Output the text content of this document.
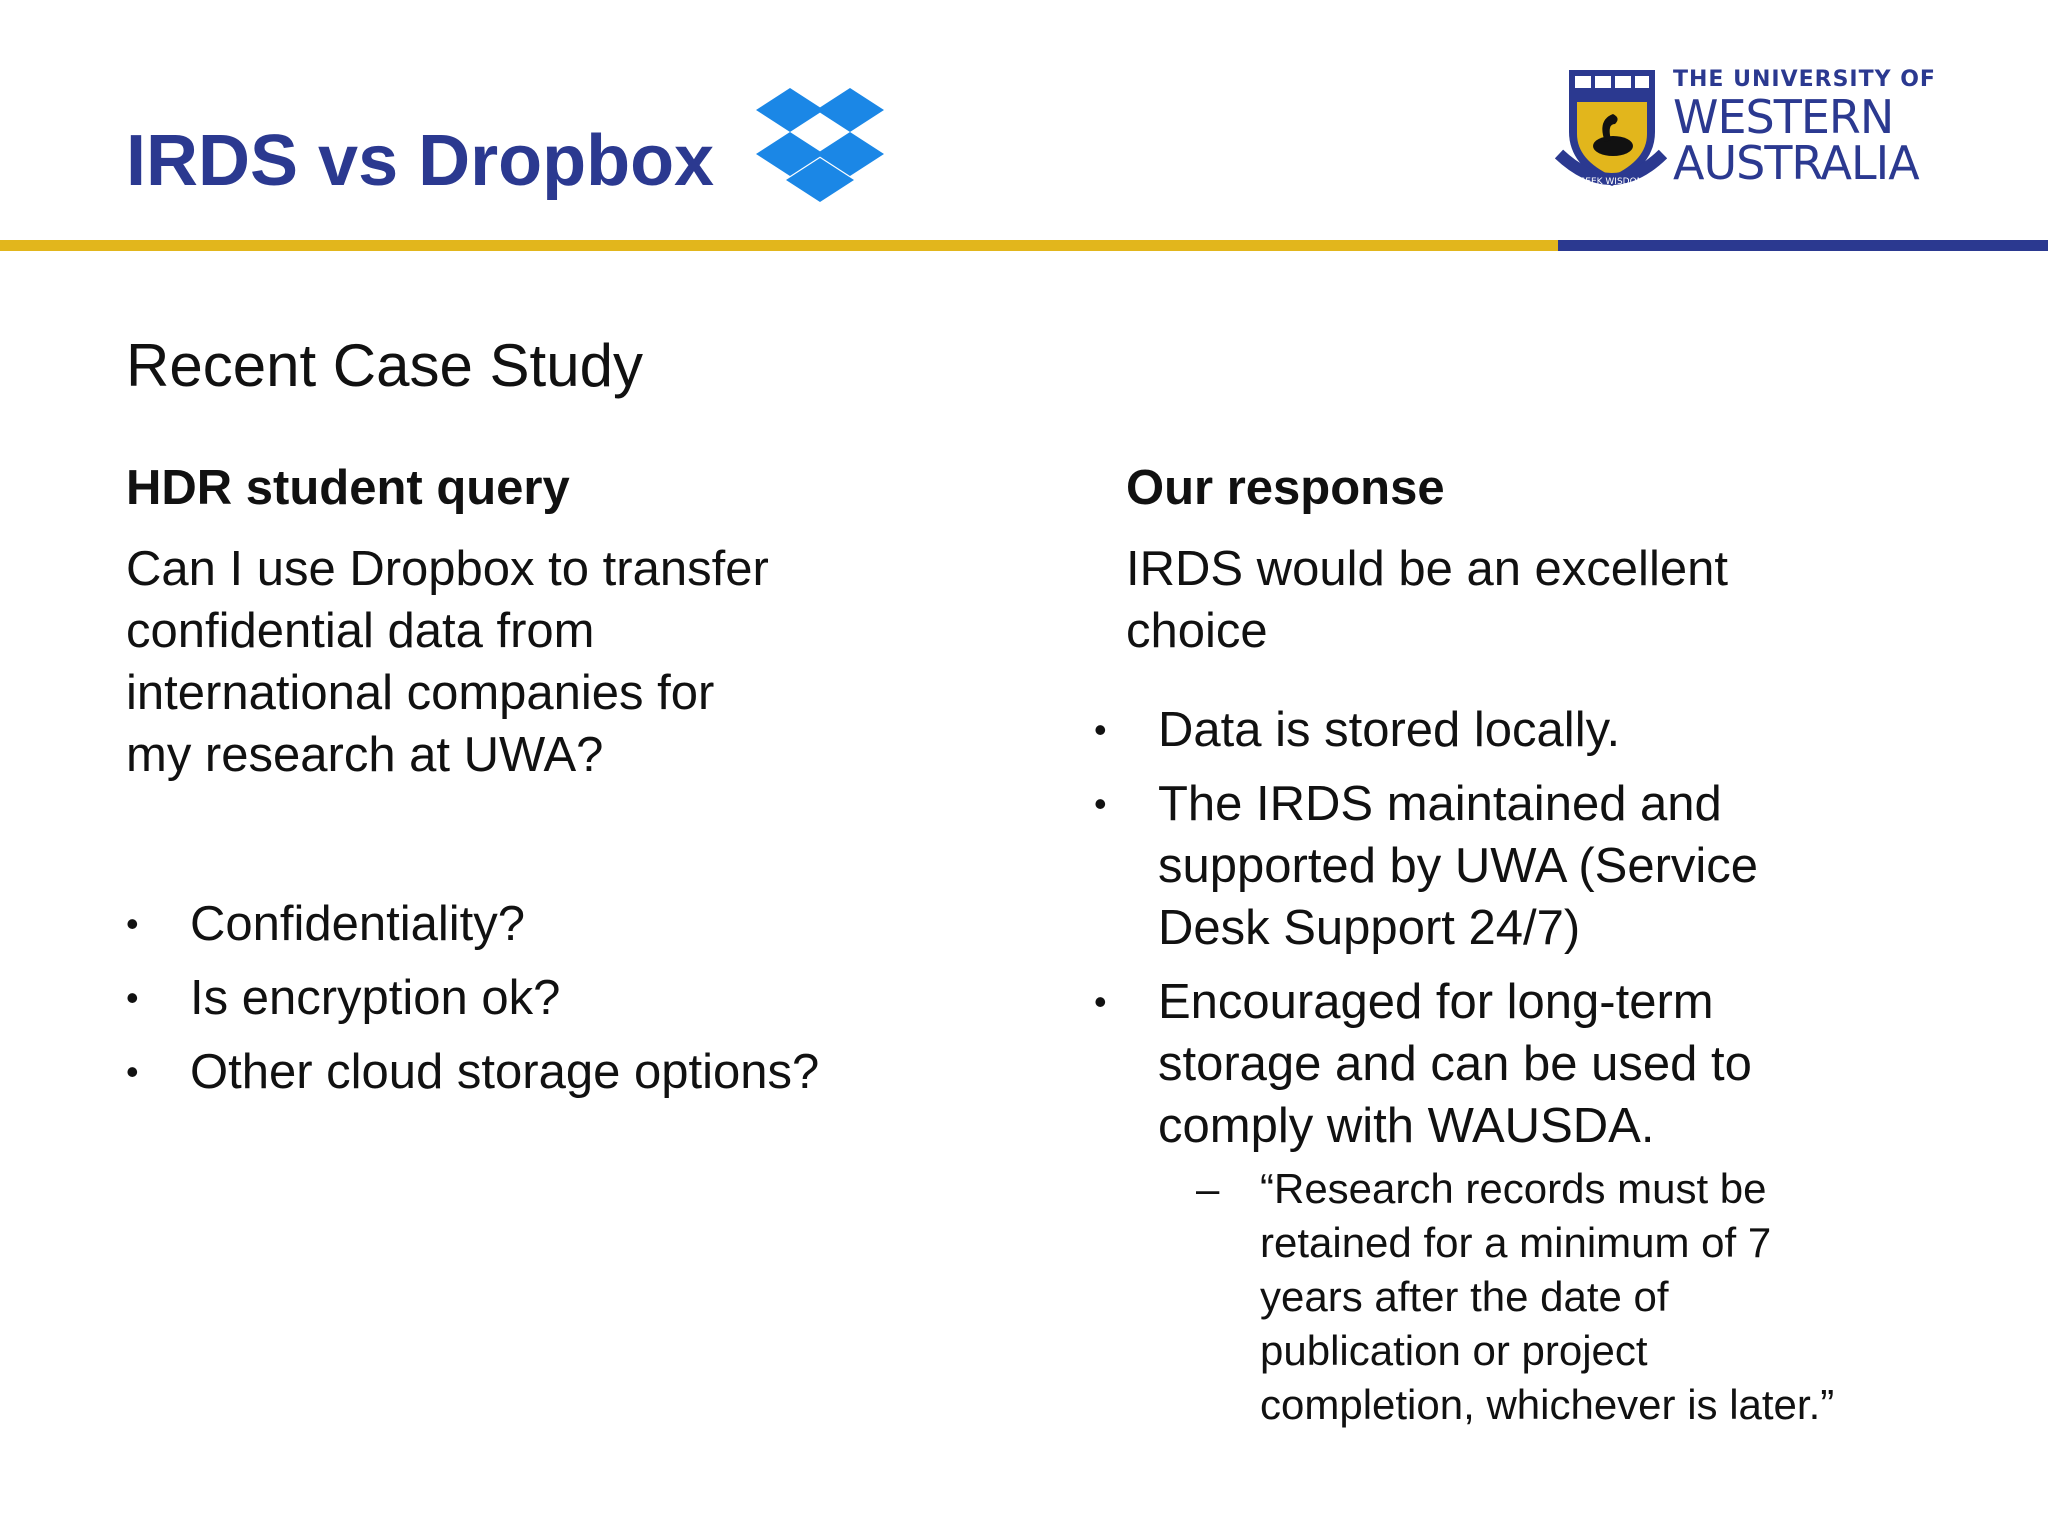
IRDS vs Dropbox	SEEK WISDOM
THE UNIVERSITY OF
WESTERN
AUSTRALIA
Recent Case Study
HDR student query
Can I use Dropbox to transfer
confidential data from
international companies for
my research at UWA?
• Confidentiality?
• Is encryption ok?
• Other cloud storage options?
Our response
IRDS would be an excellent
choice
• Data is stored locally.
• The IRDS maintained and
supported by UWA (Service
Desk Support 24/7)
• Encouraged for long-term
storage and can be used to
comply with WAUSDA.
– “Research records must be
retained for a minimum of 7
years after the date of
publication or project
completion, whichever is later.”
